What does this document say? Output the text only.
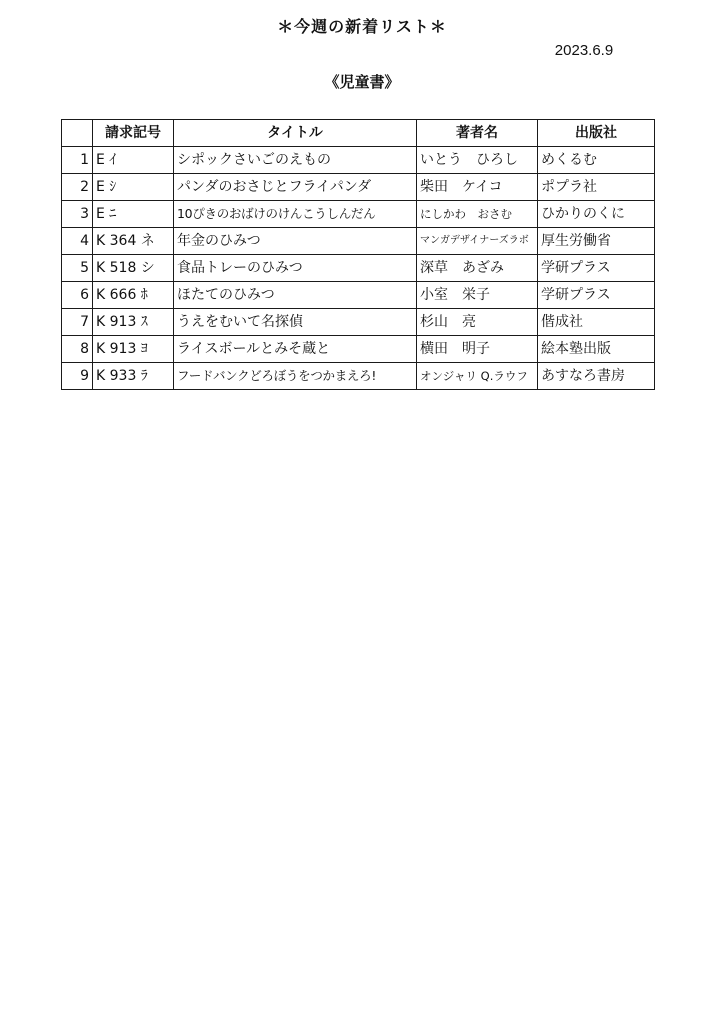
＊今週の新着リスト＊
2023.6.9
《児童書》
	請求記号	タイトル	著者名	出版社
1	E ｲ	シポックさいごのえもの	いとう　ひろし	めくるむ
2	E ｼ	パンダのおさじとフライパンダ	柴田　ケイコ	ポプラ社
3	E ﾆ	10ぴきのおばけのけんこうしんだん	にしかわ　おさむ	ひかりのくに
4	K 364 ネ	年金のひみつ	マンガデザイナーズラボ	厚生労働省
5	K 518 シ	食品トレーのひみつ	深草　あざみ	学研プラス
6	K 666 ﾎ	ほたてのひみつ	小室　栄子	学研プラス
7	K 913 ｽ	うえをむいて名探偵	杉山　亮	偕成社
8	K 913 ﾖ	ライスボールとみそ蔵と	横田　明子	絵本塾出版
9	K 933 ﾗ	フードバンクどろぼうをつかまえろ!	オンジャリ Q.ラウフ	あすなろ書房
